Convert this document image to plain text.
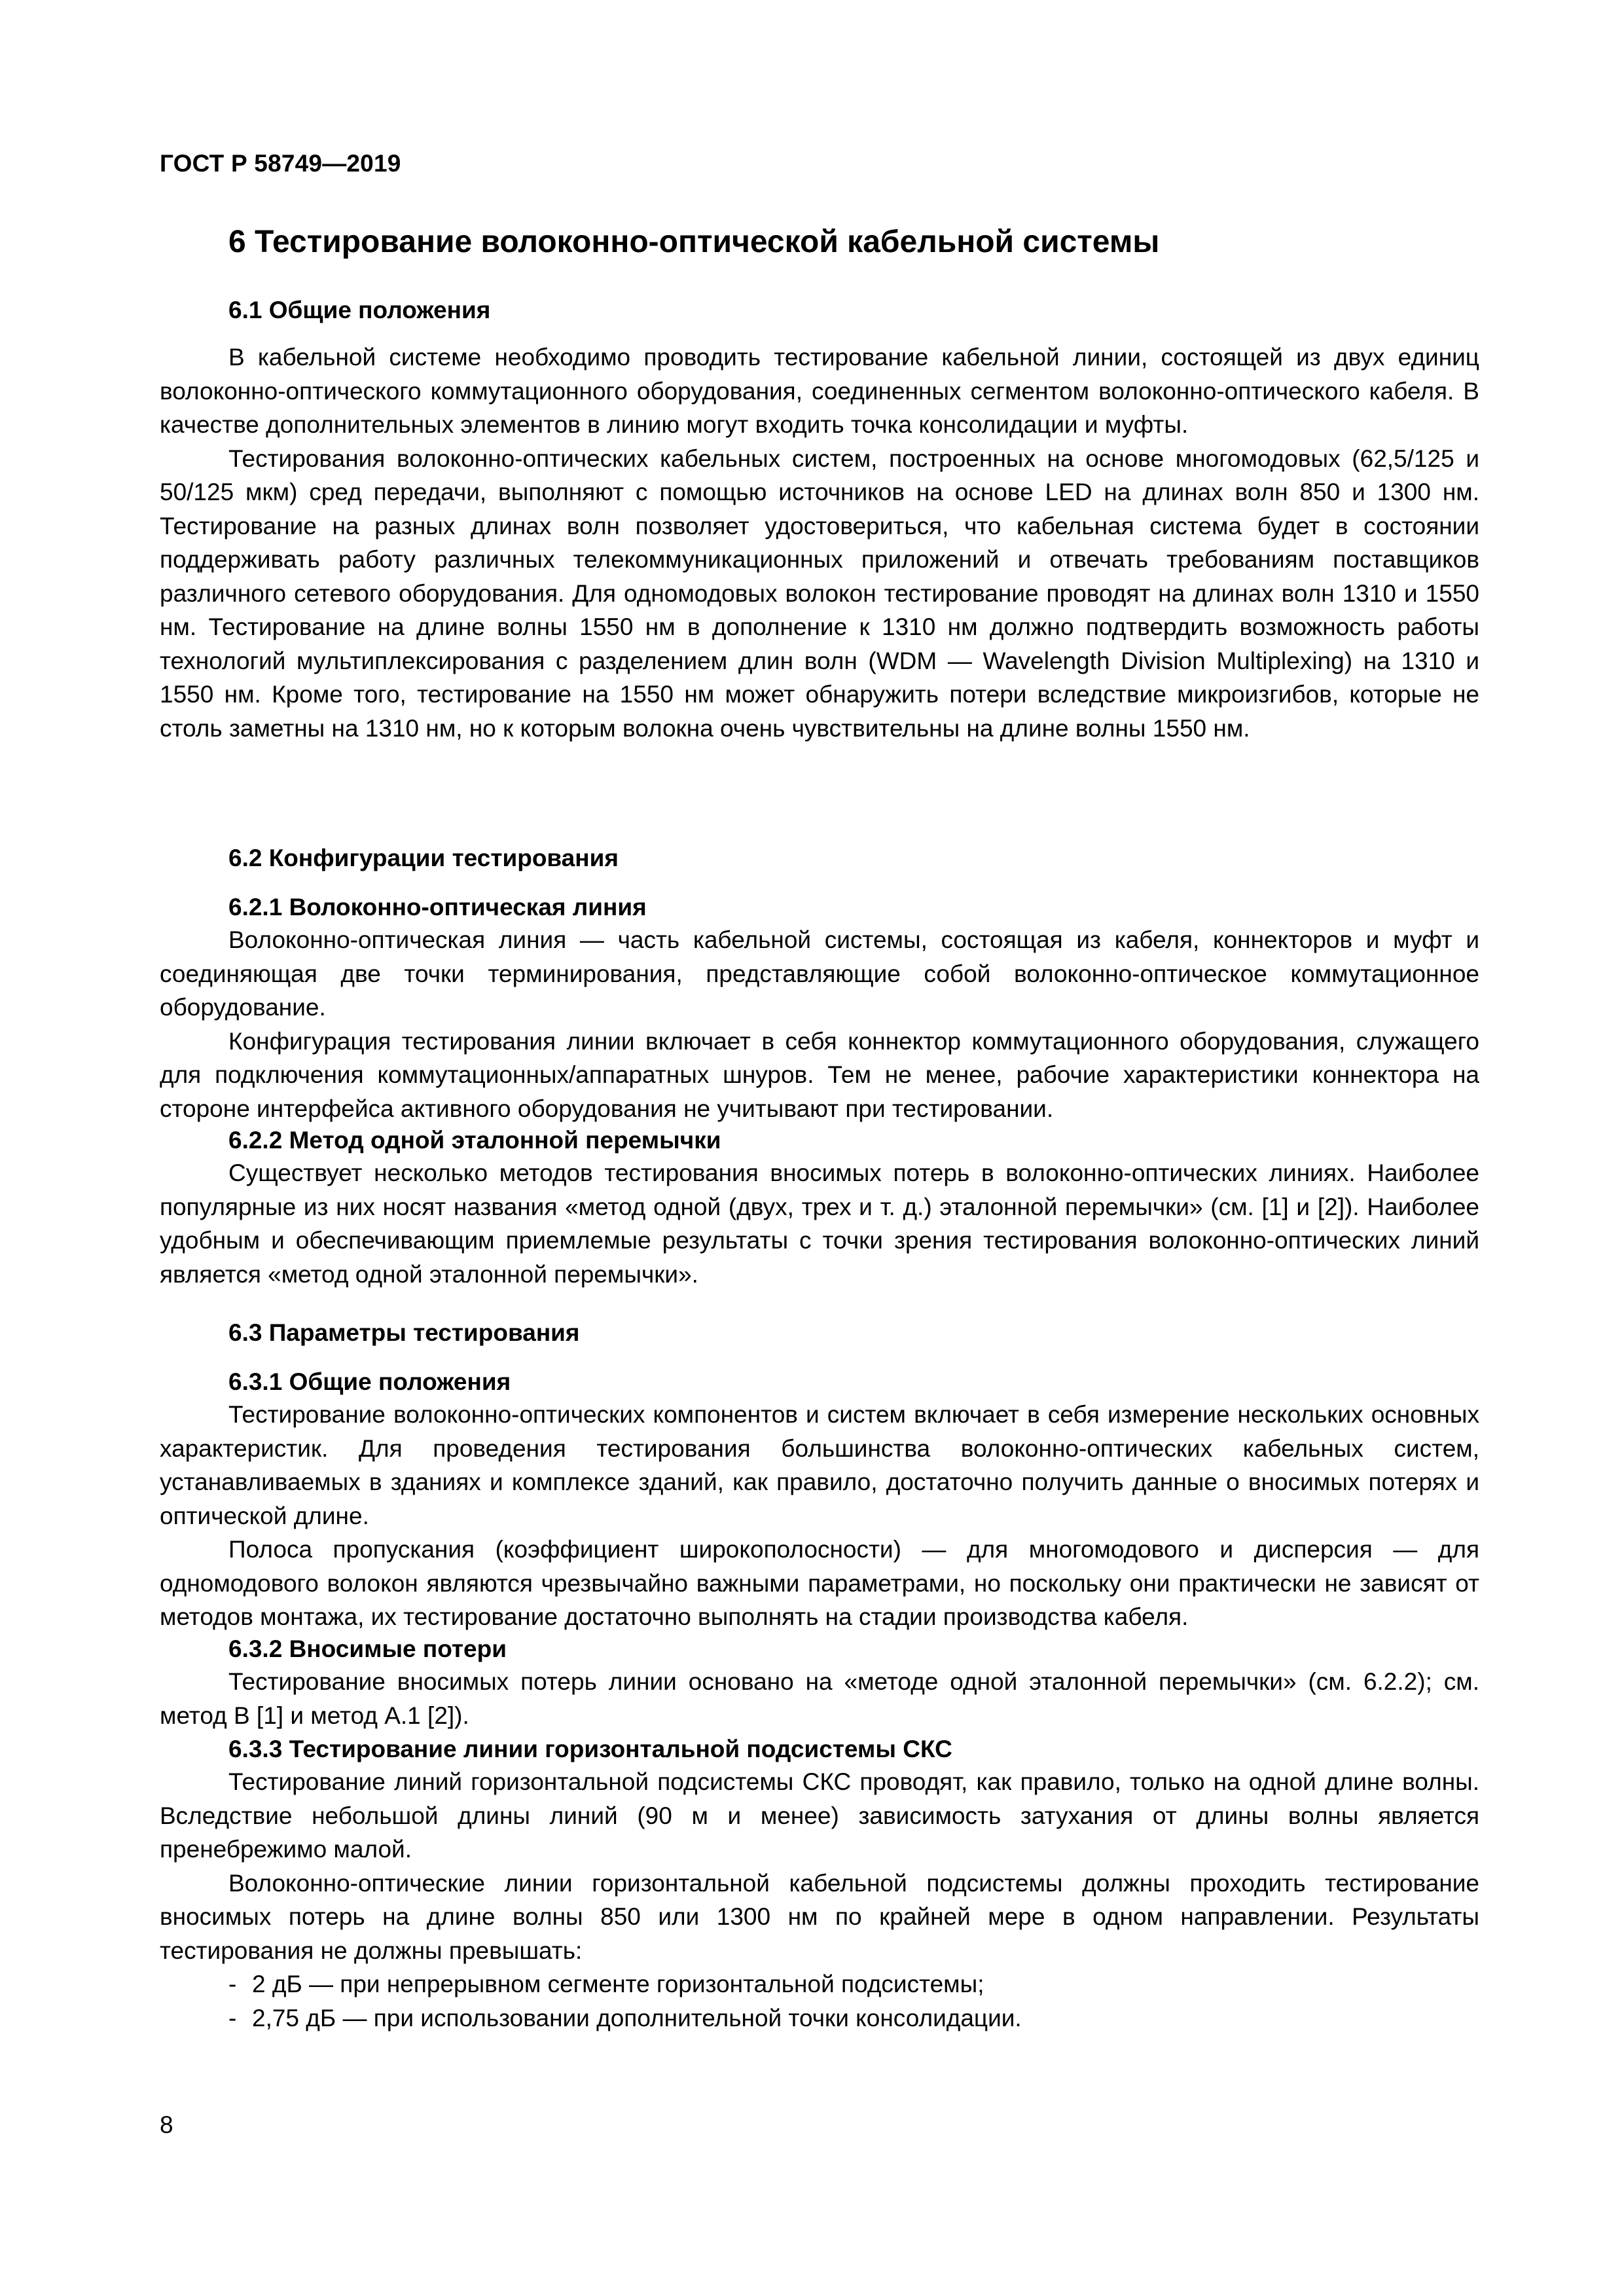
ГОСТ Р 58749—2019
6 Тестирование волоконно-оптической кабельной системы
6.1 Общие положения

В кабельной системе необходимо проводить тестирование кабельной линии, состоящей из двух единиц волоконно-оптического коммутационного оборудования, соединенных сегментом волоконно-оптического кабеля. В качестве дополнительных элементов в линию могут входить точка консолидации и муфты.

Тестирования волоконно-оптических кабельных систем, построенных на основе многомодовых (62,5/125 и 50/125 мкм) сред передачи, выполняют с помощью источников на основе LED на длинах волн 850 и 1300 нм. Тестирование на разных длинах волн позволяет удостовериться, что кабельная система будет в состоянии поддерживать работу различных телекоммуникационных приложений и отвечать требованиям поставщиков различного сетевого оборудования. Для одномодовых волокон тестирование проводят на длинах волн 1310 и 1550 нм. Тестирование на длине волны 1550 нм в дополнение к 1310 нм должно подтвердить возможность работы технологий мультиплексирования с разделением длин волн (WDM — Wavelength Division Multiplexing) на 1310 и 1550 нм. Кроме того, тестирование на 1550 нм может обнаружить потери вследствие микроизгибов, которые не столь заметны на 1310 нм, но к которым волокна очень чувствительны на длине волны 1550 нм.

6.2 Конфигурации тестирования
6.2.1 Волоконно-оптическая линия

Волоконно-оптическая линия — часть кабельной системы, состоящая из кабеля, коннекторов и муфт и соединяющая две точки терминирования, представляющие собой волоконно-оптическое коммутационное оборудование.

Конфигурация тестирования линии включает в себя коннектор коммутационного оборудования, служащего для подключения коммутационных/аппаратных шнуров. Тем не менее, рабочие характеристики коннектора на стороне интерфейса активного оборудования не учитывают при тестировании.

6.2.2 Метод одной эталонной перемычки

Существует несколько методов тестирования вносимых потерь в волоконно-оптических линиях. Наиболее популярные из них носят названия «метод одной (двух, трех и т. д.) эталонной перемычки» (см. [1] и [2]). Наиболее удобным и обеспечивающим приемлемые результаты с точки зрения тестирования волоконно-оптических линий является «метод одной эталонной перемычки».

6.3 Параметры тестирования
6.3.1 Общие положения

Тестирование волоконно-оптических компонентов и систем включает в себя измерение нескольких основных характеристик. Для проведения тестирования большинства волоконно-оптических кабельных систем, устанавливаемых в зданиях и комплексе зданий, как правило, достаточно получить данные о вносимых потерях и оптической длине.

Полоса пропускания (коэффициент широкополосности) — для многомодового и дисперсия — для одномодового волокон являются чрезвычайно важными параметрами, но поскольку они практически не зависят от методов монтажа, их тестирование достаточно выполнять на стадии производства кабеля.

6.3.2 Вносимые потери

Тестирование вносимых потерь линии основано на «методе одной эталонной перемычки» (см. 6.2.2); см. метод В [1] и метод А.1 [2]).

6.3.3 Тестирование линии горизонтальной подсистемы СКС

Тестирование линий горизонтальной подсистемы СКС проводят, как правило, только на одной длине волны. Вследствие небольшой длины линий (90 м и менее) зависимость затухания от длины волны является пренебрежимо малой.

Волоконно-оптические линии горизонтальной кабельной подсистемы должны проходить тестирование вносимых потерь на длине волны 850 или 1300 нм по крайней мере в одном направлении. Результаты тестирования не должны превышать:

- 2 дБ — при непрерывном сегменте горизонтальной подсистемы;
- 2,75 дБ — при использовании дополнительной точки консолидации.
8
